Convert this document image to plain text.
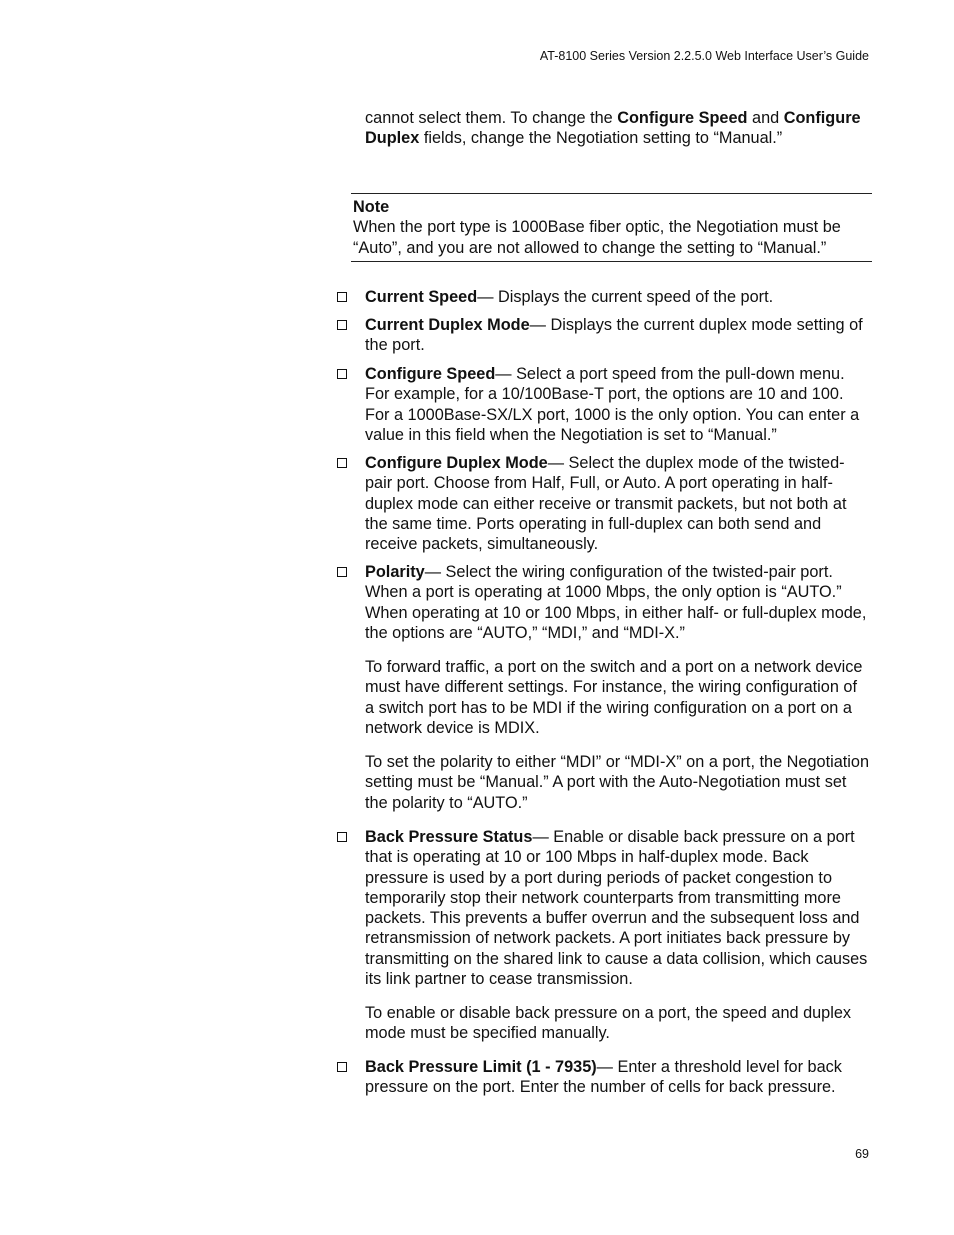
AT-8100 Series Version 2.2.5.0 Web Interface User’s Guide
cannot select them. To change the Configure Speed and Configure Duplex fields, change the Negotiation setting to “Manual.”
Note
When the port type is 1000Base fiber optic, the Negotiation must be “Auto”, and you are not allowed to change the setting to “Manual.”
Current Speed— Displays the current speed of the port.
Current Duplex Mode— Displays the current duplex mode setting of the port.
Configure Speed— Select a port speed from the pull-down menu. For example, for a 10/100Base-T port, the options are 10 and 100. For a 1000Base-SX/LX port, 1000 is the only option. You can enter a value in this field when the Negotiation is set to “Manual.”
Configure Duplex Mode— Select the duplex mode of the twisted-pair port. Choose from Half, Full, or Auto. A port operating in half-duplex mode can either receive or transmit packets, but not both at the same time. Ports operating in full-duplex can both send and receive packets, simultaneously.
Polarity— Select the wiring configuration of the twisted-pair port. When a port is operating at 1000 Mbps, the only option is “AUTO.” When operating at 10 or 100 Mbps, in either half- or full-duplex mode, the options are “AUTO,” “MDI,” and “MDI-X.”
To forward traffic, a port on the switch and a port on a network device must have different settings. For instance, the wiring configuration of a switch port has to be MDI if the wiring configuration on a port on a network device is MDIX.
To set the polarity to either “MDI” or “MDI-X” on a port, the Negotiation setting must be “Manual.” A port with the Auto-Negotiation must set the polarity to “AUTO.”
Back Pressure Status— Enable or disable back pressure on a port that is operating at 10 or 100 Mbps in half-duplex mode. Back pressure is used by a port during periods of packet congestion to temporarily stop their network counterparts from transmitting more packets. This prevents a buffer overrun and the subsequent loss and retransmission of network packets. A port initiates back pressure by transmitting on the shared link to cause a data collision, which causes its link partner to cease transmission.
To enable or disable back pressure on a port, the speed and duplex mode must be specified manually.
Back Pressure Limit (1 - 7935)— Enter a threshold level for back pressure on the port. Enter the number of cells for back pressure.
69
